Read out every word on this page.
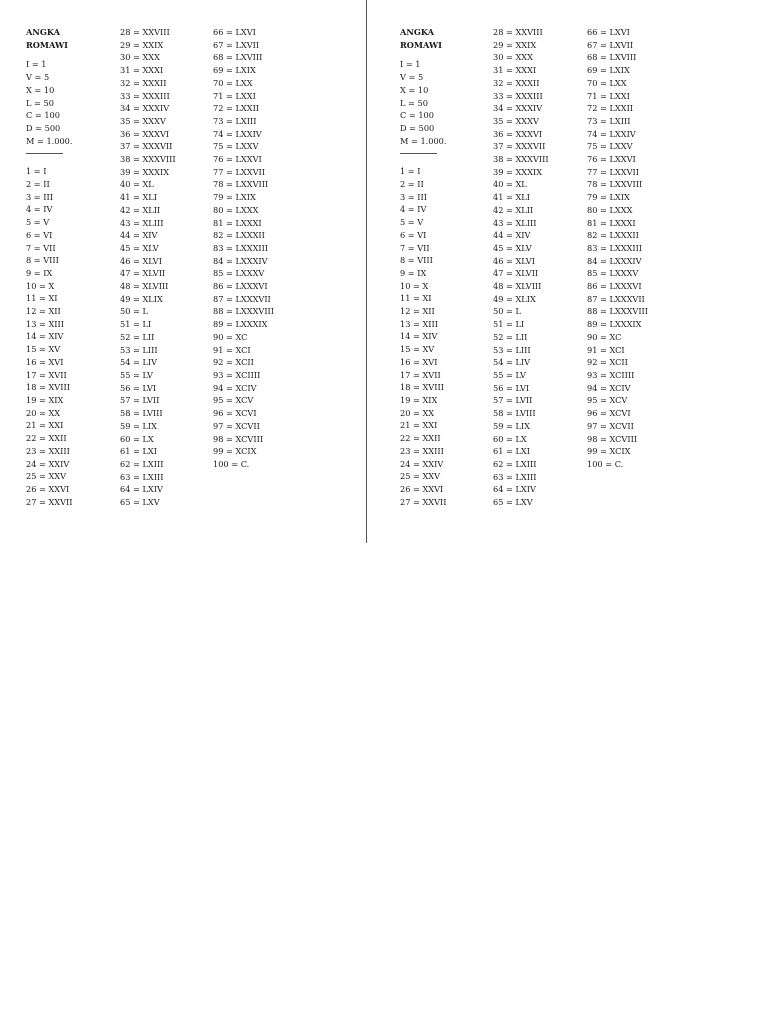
ANGKA
ROMAWI
I = 1
V = 5
X = 10
L = 50
C = 100
D = 500
M = 1.000.
1 = I
2 = II
3 = III
4 = IV
5 = V
6 = VI
7 = VII
8 = VIII
9 = IX
10 = X
11 = XI
12 = XII
13 = XIII
14 = XIV
15 = XV
16 = XVI
17 = XVII
18 = XVIII
19 = XIX
20 = XX
21 = XXI
22 = XXII
23 = XXIII
24 = XXIV
25 = XXV
26 = XXVI
27 = XXVII
28 = XXVIII
29 = XXIX
30 = XXX
31 = XXXI
32 = XXXII
33 = XXXIII
34 = XXXIV
35 = XXXV
36 = XXXVI
37 = XXXVII
38 = XXXVIII
39 = XXXIX
40 = XL
41 = XLI
42 = XLII
43 = XLIII
44 = XIV
45 = XLV
46 = XLVI
47 = XLVII
48 = XLVIII
49 = XLIX
50 = L
51 = LI
52 = LII
53 = LIII
54 = LIV
55 = LV
56 = LVI
57 = LVII
58 = LVIII
59 = LIX
60 = LX
61 = LXI
62 = LXIII
63 = LXIII
64 = LXIV
65 = LXV
66 = LXVI
67 = LXVII
68 = LXVIII
69 = LXIX
70 = LXX
71 = LXXI
72 = LXXII
73 = LXIII
74 = LXXIV
75 = LXXV
76 = LXXVI
77 = LXXVII
78 = LXXVIII
79 = LXIX
80 = LXXX
81 = LXXXI
82 = LXXXII
83 = LXXXIII
84 = LXXXIV
85 = LXXXV
86 = LXXXVI
87 = LXXXVII
88 = LXXXVIII
89 = LXXXIX
90 = XC
91 = XCI
92 = XCII
93 = XCIIII
94 = XCIV
95 = XCV
96 = XCVI
97 = XCVII
98 = XCVIII
99 = XCIX
100 = C.
ANGKA
ROMAWI
I = 1
V = 5
X = 10
L = 50
C = 100
D = 500
M = 1.000.
1 = I
2 = II
3 = III
4 = IV
5 = V
6 = VI
7 = VII
8 = VIII
9 = IX
10 = X
11 = XI
12 = XII
13 = XIII
14 = XIV
15 = XV
16 = XVI
17 = XVII
18 = XVIII
19 = XIX
20 = XX
21 = XXI
22 = XXII
23 = XXIII
24 = XXIV
25 = XXV
26 = XXVI
27 = XXVII
28 = XXVIII
29 = XXIX
30 = XXX
31 = XXXI
32 = XXXII
33 = XXXIII
34 = XXXIV
35 = XXXV
36 = XXXVI
37 = XXXVII
38 = XXXVIII
39 = XXXIX
40 = XL
41 = XLI
42 = XLII
43 = XLIII
44 = XIV
45 = XLV
46 = XLVI
47 = XLVII
48 = XLVIII
49 = XLIX
50 = L
51 = LI
52 = LII
53 = LIII
54 = LIV
55 = LV
56 = LVI
57 = LVII
58 = LVIII
59 = LIX
60 = LX
61 = LXI
62 = LXIII
63 = LXIII
64 = LXIV
65 = LXV
66 = LXVI
67 = LXVII
68 = LXVIII
69 = LXIX
70 = LXX
71 = LXXI
72 = LXXII
73 = LXIII
74 = LXXIV
75 = LXXV
76 = LXXVI
77 = LXXVII
78 = LXXVIII
79 = LXIX
80 = LXXX
81 = LXXXI
82 = LXXXII
83 = LXXXIII
84 = LXXXIV
85 = LXXXV
86 = LXXXVI
87 = LXXXVII
88 = LXXXVIII
89 = LXXXIX
90 = XC
91 = XCI
92 = XCII
93 = XCIIII
94 = XCIV
95 = XCV
96 = XCVI
97 = XCVII
98 = XCVIII
99 = XCIX
100 = C.
